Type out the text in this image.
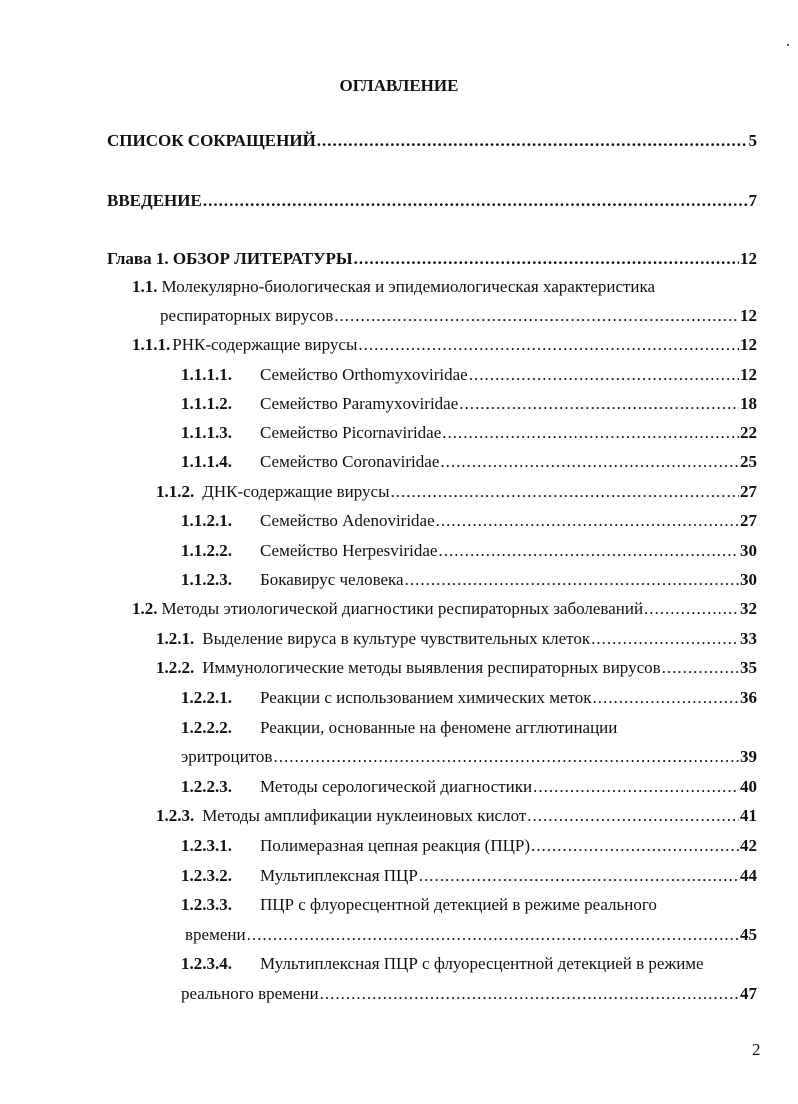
ОГЛАВЛЕНИЕ
СПИСОК СОКРАЩЕНИЙ .....	5
ВВЕДЕНИЕ .....	7
Глава 1. ОБЗОР ЛИТЕРАТУРЫ .....	12
1.1. Молекулярно-биологическая и эпидемиологическая характеристика
респираторных вирусов .....	12
1.1.1. РНК-содержащие вирусы .....	12
1.1.1.1. Семейство Orthomyxoviridae .....	12
1.1.1.2. Семейство Paramyxoviridae .....	18
1.1.1.3. Семейство Picornaviridae .....	22
1.1.1.4. Семейство Coronaviridae .....	25
1.1.2. ДНК-содержащие вирусы .....	27
1.1.2.1. Семейство Adenoviridae .....	27
1.1.2.2. Семейство Herpesviridae .....	30
1.1.2.3. Бокавирус человека .....	30
1.2. Методы этиологической диагностики респираторных заболеваний .....	32
1.2.1. Выделение вируса в культуре чувствительных клеток .....	33
1.2.2. Иммунологические методы выявления респираторных вирусов .....	35
1.2.2.1. Реакции с использованием химических меток .....	36
1.2.2.2. Реакции, основанные на феномене агглютинации
эритроцитов .....	39
1.2.2.3. Методы серологической диагностики .....	40
1.2.3. Методы амплификации нуклеиновых кислот .....	41
1.2.3.1. Полимеразная цепная реакция (ПЦР) .....	42
1.2.3.2. Мультиплексная ПЦР .....	44
1.2.3.3. ПЦР с флуоресцентной детекцией в режиме реального
времени .....	45
1.2.3.4. Мультиплексная ПЦР с флуоресцентной детекцией в режиме
реального времени .....	47
2
